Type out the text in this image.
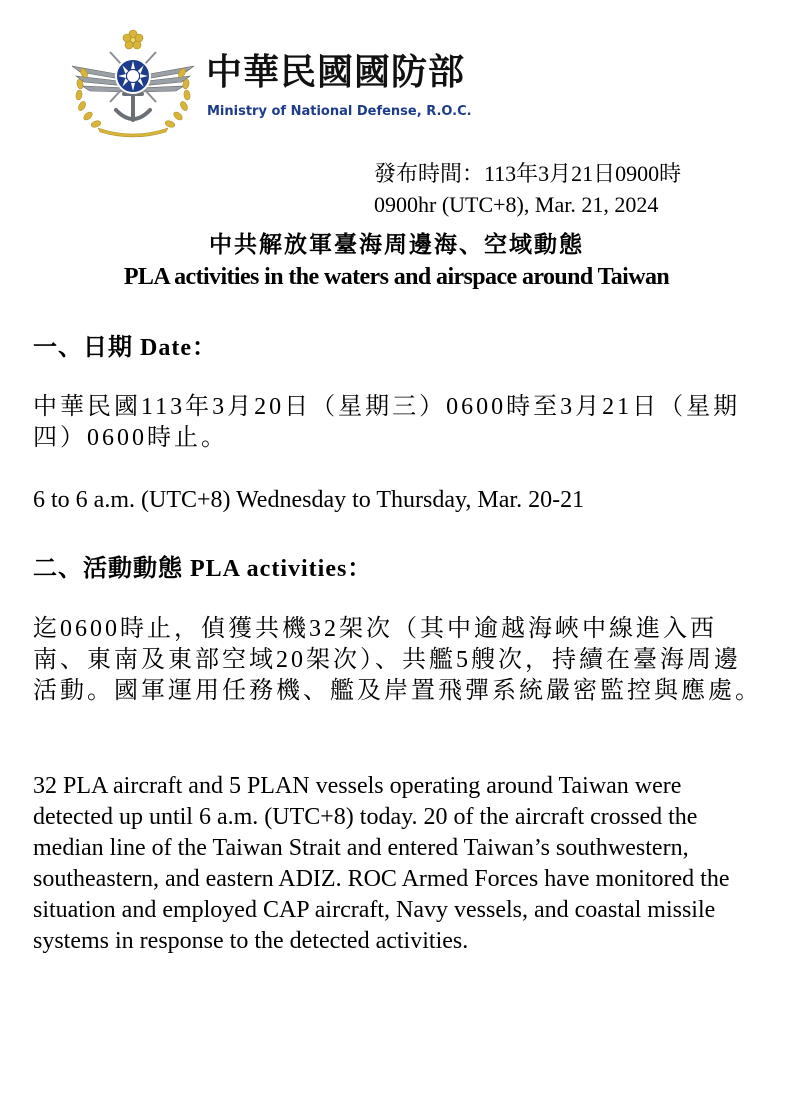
中華民國國防部
Ministry of National Defense, R.O.C.
發布時間：113年3月21日0900時
0900hr (UTC+8), Mar. 21, 2024
中共解放軍臺海周邊海、空域動態
PLA activities in the waters and airspace around Taiwan
一、日期 Date：
中華民國113年3月20日（星期三）0600時至3月21日（星期四）0600時止。
6 to 6 a.m. (UTC+8) Wednesday to Thursday, Mar. 20-21
二、活動動態 PLA activities：
迄0600時止，偵獲共機32架次（其中逾越海峽中線進入西南、東南及東部空域20架次）、共艦5艘次，持續在臺海周邊活動。國軍運用任務機、艦及岸置飛彈系統嚴密監控與應處。
32 PLA aircraft and 5 PLAN vessels operating around Taiwan were detected up until 6 a.m. (UTC+8) today. 20 of the aircraft crossed the median line of the Taiwan Strait and entered Taiwan’s southwestern, southeastern, and eastern ADIZ. ROC Armed Forces have monitored the situation and employed CAP aircraft, Navy vessels, and coastal missile systems in response to the detected activities.
